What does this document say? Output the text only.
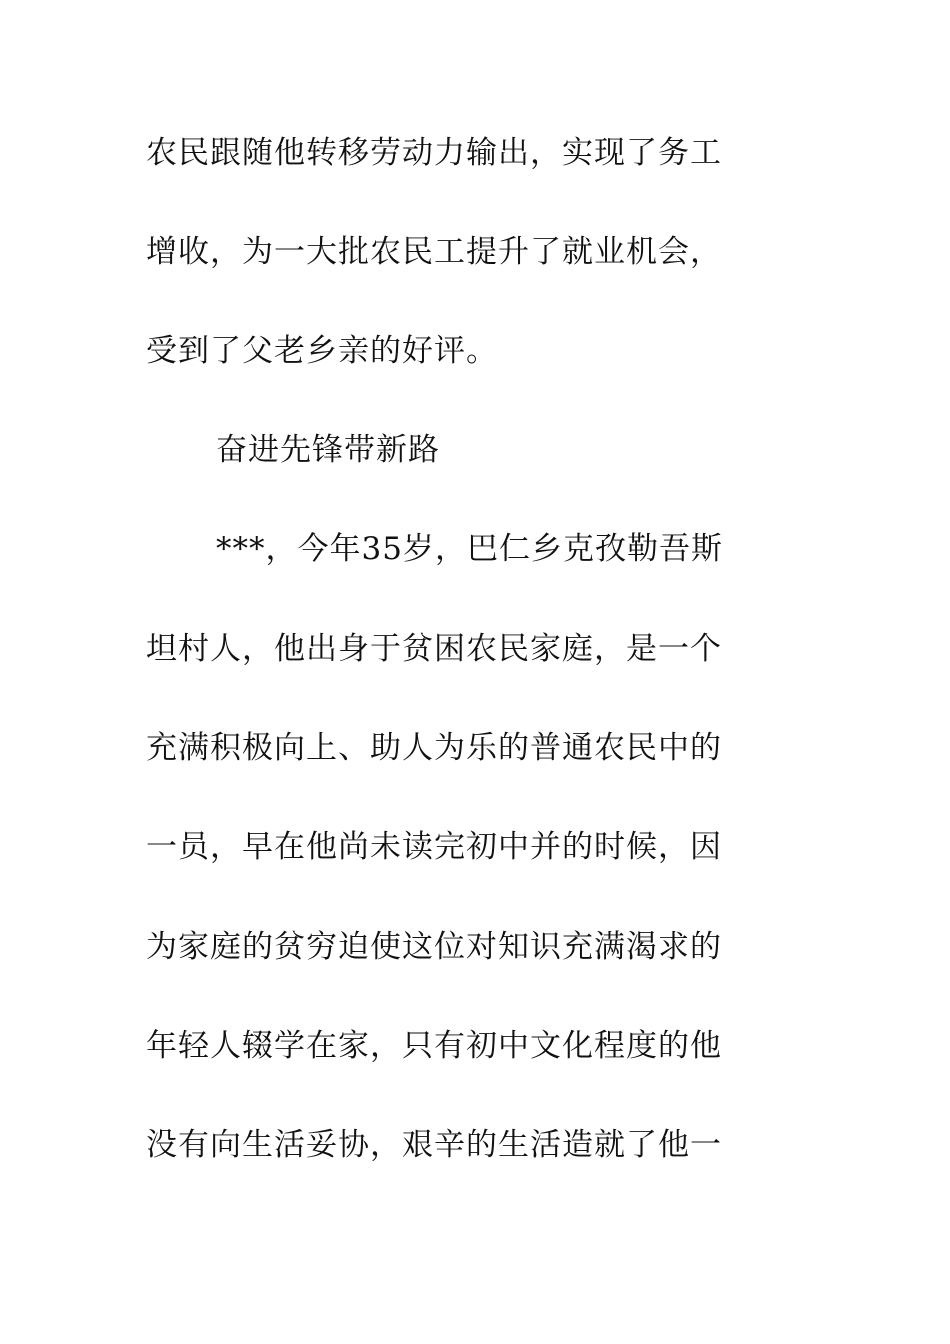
农民跟随他转移劳动力输出，实现了务工
增收，为一大批农民工提升了就业机会，
受到了父老乡亲的好评。
奋进先锋带新路
***，今年35岁，巴仁乡克孜勒吾斯
坦村人，他出身于贫困农民家庭，是一个
充满积极向上、助人为乐的普通农民中的
一员，早在他尚未读完初中并的时候，因
为家庭的贫穷迫使这位对知识充满渴求的
年轻人辍学在家，只有初中文化程度的他
没有向生活妥协，艰辛的生活造就了他一
